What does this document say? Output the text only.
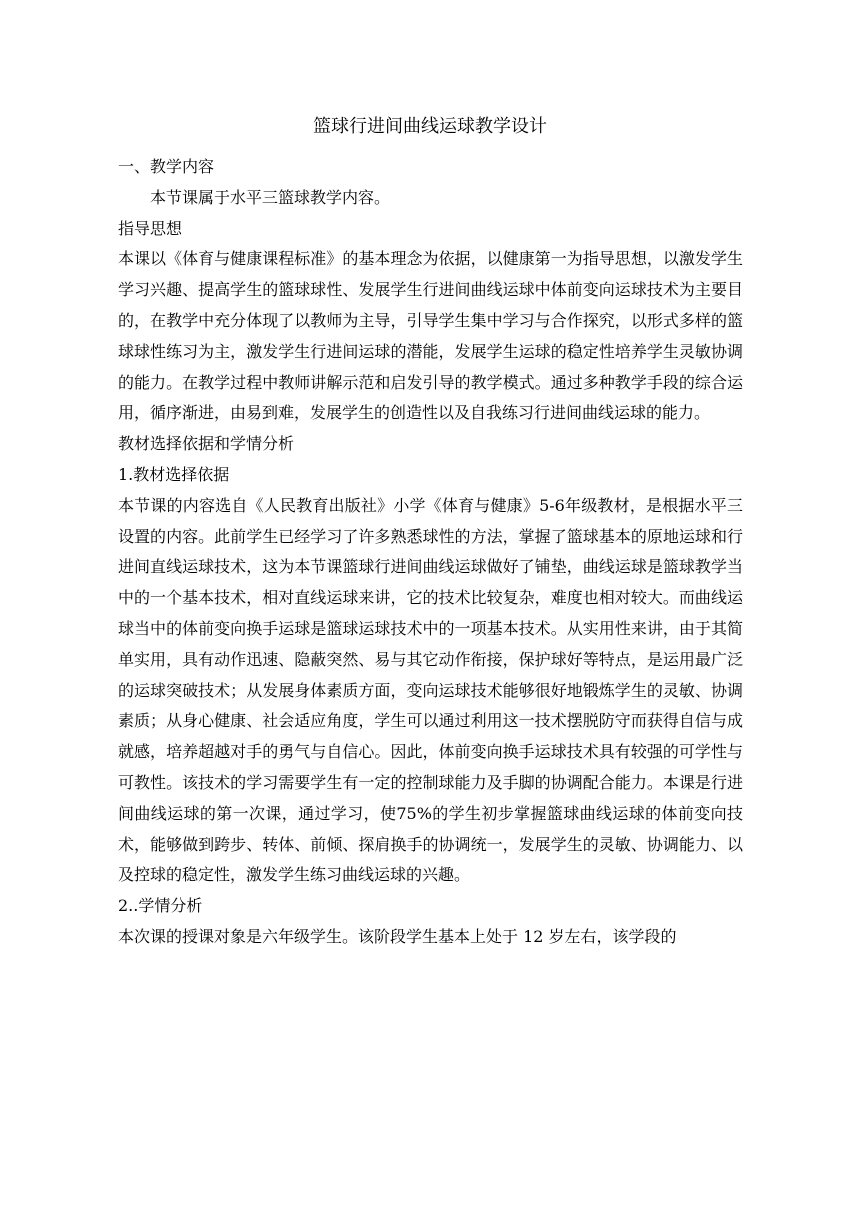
篮球行进间曲线运球教学设计

一、教学内容

本节课属于水平三篮球教学内容。

指导思想

本课以《体育与健康课程标准》的基本理念为依据，以健康第一为指导思想，以激发学生学习兴趣、提高学生的篮球球性、发展学生行进间曲线运球中体前变向运球技术为主要目的，在教学中充分体现了以教师为主导，引导学生集中学习与合作探究，以形式多样的篮球球性练习为主，激发学生行进间运球的潜能，发展学生运球的稳定性培养学生灵敏协调的能力。在教学过程中教师讲解示范和启发引导的教学模式。通过多种教学手段的综合运用，循序渐进，由易到难，发展学生的创造性以及自我练习行进间曲线运球的能力。

教材选择依据和学情分析

1.教材选择依据

本节课的内容选自《人民教育出版社》小学《体育与健康》5-6年级教材，是根据水平三设置的内容。此前学生已经学习了许多熟悉球性的方法，掌握了篮球基本的原地运球和行进间直线运球技术，这为本节课篮球行进间曲线运球做好了铺垫，曲线运球是篮球教学当中的一个基本技术，相对直线运球来讲，它的技术比较复杂，难度也相对较大。而曲线运球当中的体前变向换手运球是篮球运球技术中的一项基本技术。从实用性来讲，由于其简单实用，具有动作迅速、隐蔽突然、易与其它动作衔接，保护球好等特点，是运用最广泛的运球突破技术；从发展身体素质方面，变向运球技术能够很好地锻炼学生的灵敏、协调素质；从身心健康、社会适应角度，学生可以通过利用这一技术摆脱防守而获得自信与成就感，培养超越对手的勇气与自信心。因此，体前变向换手运球技术具有较强的可学性与可教性。该技术的学习需要学生有一定的控制球能力及手脚的协调配合能力。本课是行进间曲线运球的第一次课，通过学习，使75%的学生初步掌握篮球曲线运球的体前变向技术，能够做到跨步、转体、前倾、探肩换手的协调统一，发展学生的灵敏、协调能力、以及控球的稳定性，激发学生练习曲线运球的兴趣。

2..学情分析

本次课的授课对象是六年级学生。该阶段学生基本上处于 12 岁左右，该学段的
